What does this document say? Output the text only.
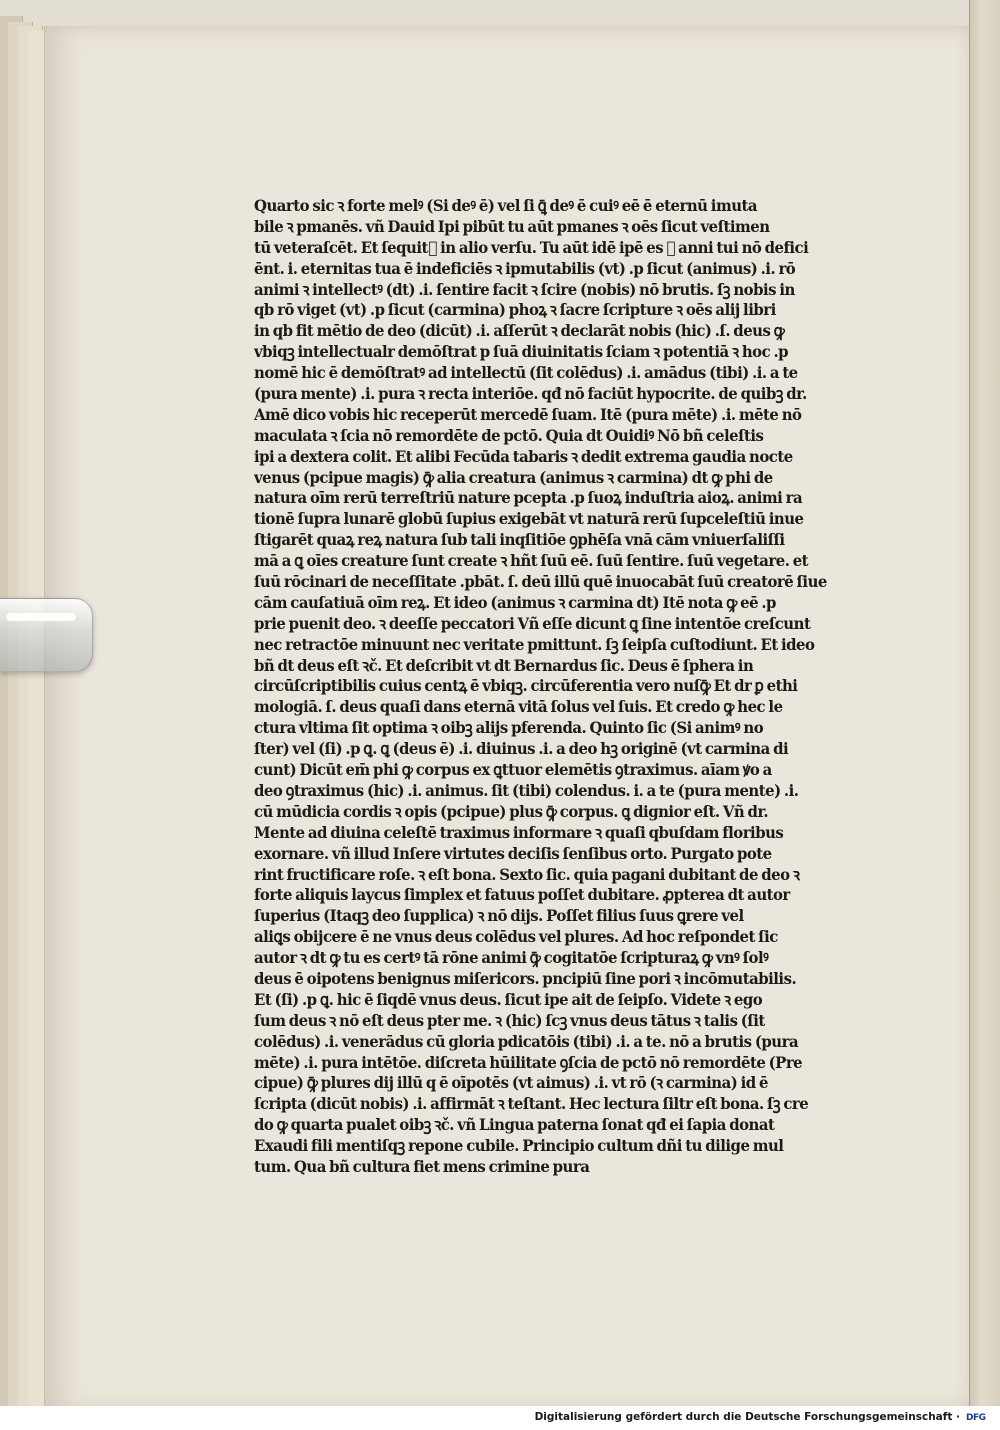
Quarto sic ꝛ forte melꝰ (Si deꝰ ē) vel ſi ꝗ̄ deꝰ ē cuiꝰ eē ē eternū imuta
bile ꝛ pmanēs. vñ Dauid Ipi pibūt tu aūt pmanes ꝛ oēs ſicut veſtimen
tū veteraſcēt. Et ſequitᷣ in alio verſu. Tu aūt idē ipē es ꝛ anni tui nō defici
ēnt. i. eternitas tua ē indeficiēs ꝛ ipmutabilis (vt) .p ſicut (animus) .i. rō
animi ꝛ intellectꝰ (dt) .i. ſentire facit ꝛ ſcire (nobis) nō brutis. ſꝫ nobis in
qb rō viget (vt) .p ſicut (carmina) phoꝝ ꝛ ſacre ſcripture ꝛ oēs alij libri
in qb fit mētio de deo (dicūt) .i. aſſerūt ꝛ declarāt nobis (hic) .ſ. deus ꝙ
vbiqꝫ intellectualr demōſtrat p ſuā diuinitatis ſciam ꝛ potentiā ꝛ hoc .p
nomē hic ē demōſtratꝰ ad intellectū (ſit colēdus) .i. amādus (tibi) .i. a te
(pura mente) .i. pura ꝛ recta interiōe. qđ nō faciūt hypocrite. de quibꝫ dr.
Amē dico vobis hic receperūt mercedē ſuam. Itē (pura mēte) .i. mēte nō
maculata ꝛ ſcia nō remordēte de pctō. Quia dt Ouidiꝰ Nō bñ celeſtis
ipi a dextera colit. Et alibi Fecūda tabaris ꝛ dedit extrema gaudia nocte
venus (pcipue magis) ꝙ̄ alia creatura (animus ꝛ carmina) dt ꝙ phi de
natura oīm rerū terreſtriū nature pcepta .p ſuoꝝ induſtria aioꝝ. animi ra
tionē ſupra lunarē globū ſupius exigebāt vt naturā rerū ſupceleſtiū inue
ſtigarēt quaꝝ reꝝ natura ſub tali inqſitiōe ꝯphēſa vnā cām vniuerſaliſſi
mā a ꝗ oīes creature ſunt create ꝛ hñt ſuū eē. ſuū ſentire. ſuū vegetare. et
ſuū rōcinari de neceſſitate .pbāt. ſ. deū illū quē inuocabāt ſuū creatorē ſiue
cām cauſatiuā oīm reꝝ. Et ideo (animus ꝛ carmina dt) Itē nota ꝙ eē .p
prie puenit deo. ꝛ deeſſe peccatori Vñ eſſe dicunt ꝗ ſine intentōe creſcunt
nec retractōe minuunt nec veritate pmittunt. ſꝫ ſeipſa cuſtodiunt. Et ideo
bñ dt deus eſt ꝛč. Et deſcribit vt dt Bernardus ſic. Deus ē ſphera in
circūſcriptibilis cuius centꝝ ē vbiqꝫ. circūferentia vero nuſꝙ̄ Et dr ꝑ ethi
mologiā. ſ. deus quaſi dans eternā vitā ſolus vel ſuis. Et credo ꝙ hec le
ctura vltima ſit optima ꝛ oibꝫ alijs pferenda. Quinto ſic (Si animꝰ no
ſter) vel (ſi) .p ꝗ. ꝗ (deus ē) .i. diuinus .i. a deo hꝫ originē (vt carmina di
cunt) Dicūt em̄ phi ꝙ corpus ex ꝗttuor elemētis ꝯtraximus. aīam ꝟo a
deo ꝯtraximus (hic) .i. animus. ſit (tibi) colendus. i. a te (pura mente) .i.
cū mūdicia cordis ꝛ opis (pcipue) plus ꝙ̄ corpus. ꝗ dignior eſt. Vñ dr.
Mente ad diuina celeſtē traximus informare ꝛ quaſi qbuſdam floribus
exornare. vñ illud Inſere virtutes deciſis ſenſibus orto. Purgato pote
rint fructificare roſe. ꝛ eſt bona. Sexto ſic. quia pagani dubitant de deo ꝛ
forte aliquis laycus ſimplex et fatuus poſſet dubitare. ꝓpterea dt autor
ſuperius (Itaqꝫ deo ſupplica) ꝛ nō dijs. Poſſet filius ſuus ꝗrere vel
aliꝗs obijcere ē ne vnus deus colēdus vel plures. Ad hoc reſpondet ſic
autor ꝛ dt ꝙ tu es certꝰ tā rōne animi ꝙ̄ cogitatōe ſcripturaꝝ ꝙ vnꝰ ſolꝰ
deus ē oipotens benignus miſericors. pncipiū ſine pori ꝛ incōmutabilis.
Et (ſi) .p ꝗ. hic ē ſiqdē vnus deus. ſicut ipe ait de ſeipſo. Videte ꝛ ego
ſum deus ꝛ nō eſt deus pter me. ꝛ (hic) ſcꝫ vnus deus tātus ꝛ talis (ſit
colēdus) .i. venerādus cū gloria pdicatōis (tibi) .i. a te. nō a brutis (pura
mēte) .i. pura intētōe. diſcreta hūilitate ꝯſcia de pctō nō remordēte (Pre
cipue) ꝙ̄ plures dij illū q ē oīpotēs (vt aimus) .i. vt rō (ꝛ carmina) id ē
ſcripta (dicūt nobis) .i. affirmāt ꝛ teſtant. Hec lectura ſiltr eſt bona. ſꝫ cre
do ꝙ quarta pualet oibꝫ ꝛč. vñ Lingua paterna ſonat qđ ei ſapia donat
Exaudi fili mentiſqꝫ repone cubile. Principio cultum dñi tu dilige mul
tum. Qua bñ cultura fiet mens crimine pura
Digitalisierung gefördert durch die Deutsche Forschungsgemeinschaft · DFG
